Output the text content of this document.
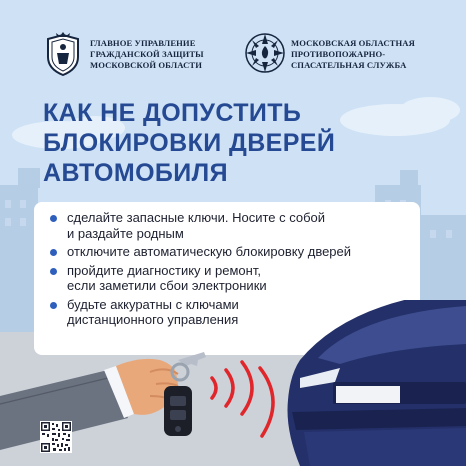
ГЛАВНОЕ УПРАВЛЕНИЕ
ГРАЖДАНСКОЙ ЗАЩИТЫ
МОСКОВСКОЙ ОБЛАСТИ
МОСКОВСКАЯ ОБЛАСТНАЯ
ПРОТИВОПОЖАРНО-
СПАСАТЕЛЬНАЯ СЛУЖБА
КАК НЕ ДОПУСТИТЬ
БЛОКИРОВКИ ДВЕРЕЙ
АВТОМОБИЛЯ
сделайте запасные ключи. Носите с собой
и раздайте родным
отключите автоматическую блокировку дверей
пройдите диагностику и ремонт,
если заметили сбои электроники
будьте аккуратны с ключами
дистанционного управления
